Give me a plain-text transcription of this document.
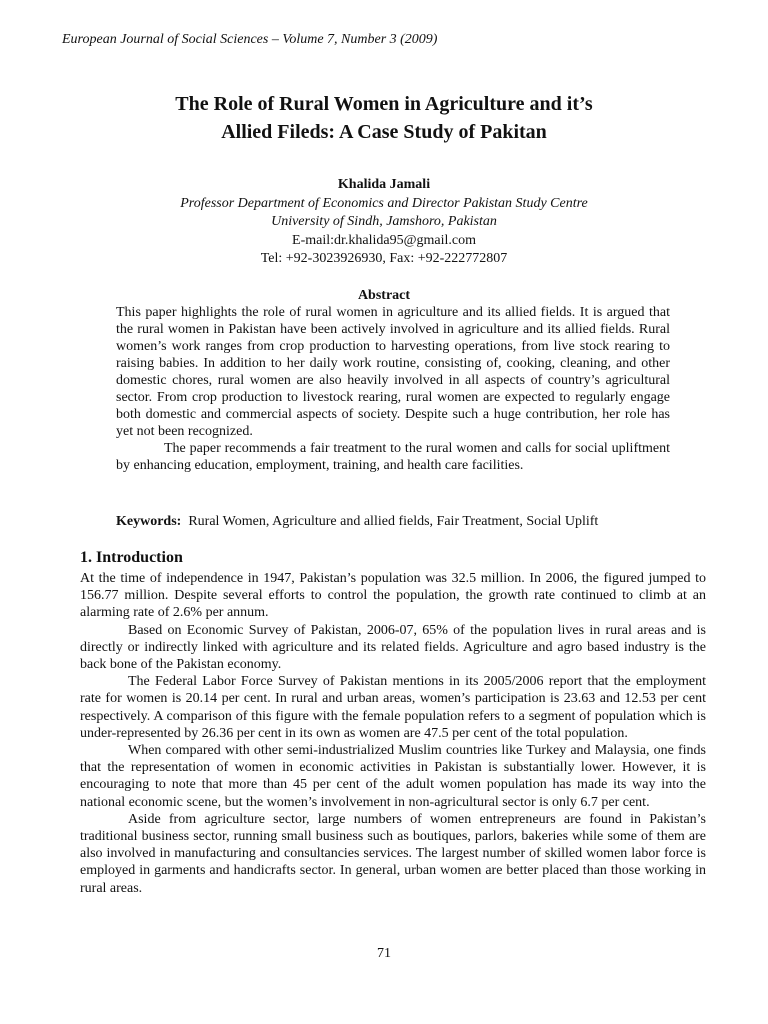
European Journal of Social Sciences – Volume 7, Number 3 (2009)
The Role of Rural Women in Agriculture and it’s
Allied Fileds: A Case Study of Pakitan
Khalida Jamali
Professor Department of Economics and Director Pakistan Study Centre
University of Sindh, Jamshoro, Pakistan
E-mail:dr.khalida95@gmail.com
Tel: +92-3023926930, Fax: +92-222772807
Abstract

This paper highlights the role of rural women in agriculture and its allied fields. It is argued that the rural women in Pakistan have been actively involved in agriculture and its allied fields. Rural women’s work ranges from crop production to harvesting operations, from live stock rearing to raising babies. In addition to her daily work routine, consisting of, cooking, cleaning, and other domestic chores, rural women are also heavily involved in all aspects of country’s agricultural sector. From crop production to livestock rearing, rural women are expected to regularly engage both domestic and commercial aspects of society. Despite such a huge contribution, her role has yet not been recognized.

The paper recommends a fair treatment to the rural women and calls for social upliftment by enhancing education, employment, training, and health care facilities.

Keywords: Rural Women, Agriculture and allied fields, Fair Treatment, Social Uplift
1. Introduction

At the time of independence in 1947, Pakistan’s population was 32.5 million. In 2006, the figured jumped to 156.77 million. Despite several efforts to control the population, the growth rate continued to climb at an alarming rate of 2.6% per annum.

Based on Economic Survey of Pakistan, 2006-07, 65% of the population lives in rural areas and is directly or indirectly linked with agriculture and its related fields. Agriculture and agro based industry is the back bone of the Pakistan economy.

The Federal Labor Force Survey of Pakistan mentions in its 2005/2006 report that the employment rate for women is 20.14 per cent. In rural and urban areas, women’s participation is 23.63 and 12.53 per cent respectively. A comparison of this figure with the female population refers to a segment of population which is under-represented by 26.36 per cent in its own as women are 47.5 per cent of the total population.

When compared with other semi-industrialized Muslim countries like Turkey and Malaysia, one finds that the representation of women in economic activities in Pakistan is substantially lower. However, it is encouraging to note that more than 45 per cent of the adult women population has made its way into the national economic scene, but the women’s involvement in non-agricultural sector is only 6.7 per cent.

Aside from agriculture sector, large numbers of women entrepreneurs are found in Pakistan’s traditional business sector, running small business such as boutiques, parlors, bakeries while some of them are also involved in manufacturing and consultancies services. The largest number of skilled women labor force is employed in garments and handicrafts sector. In general, urban women are better placed than those working in rural areas.

71
